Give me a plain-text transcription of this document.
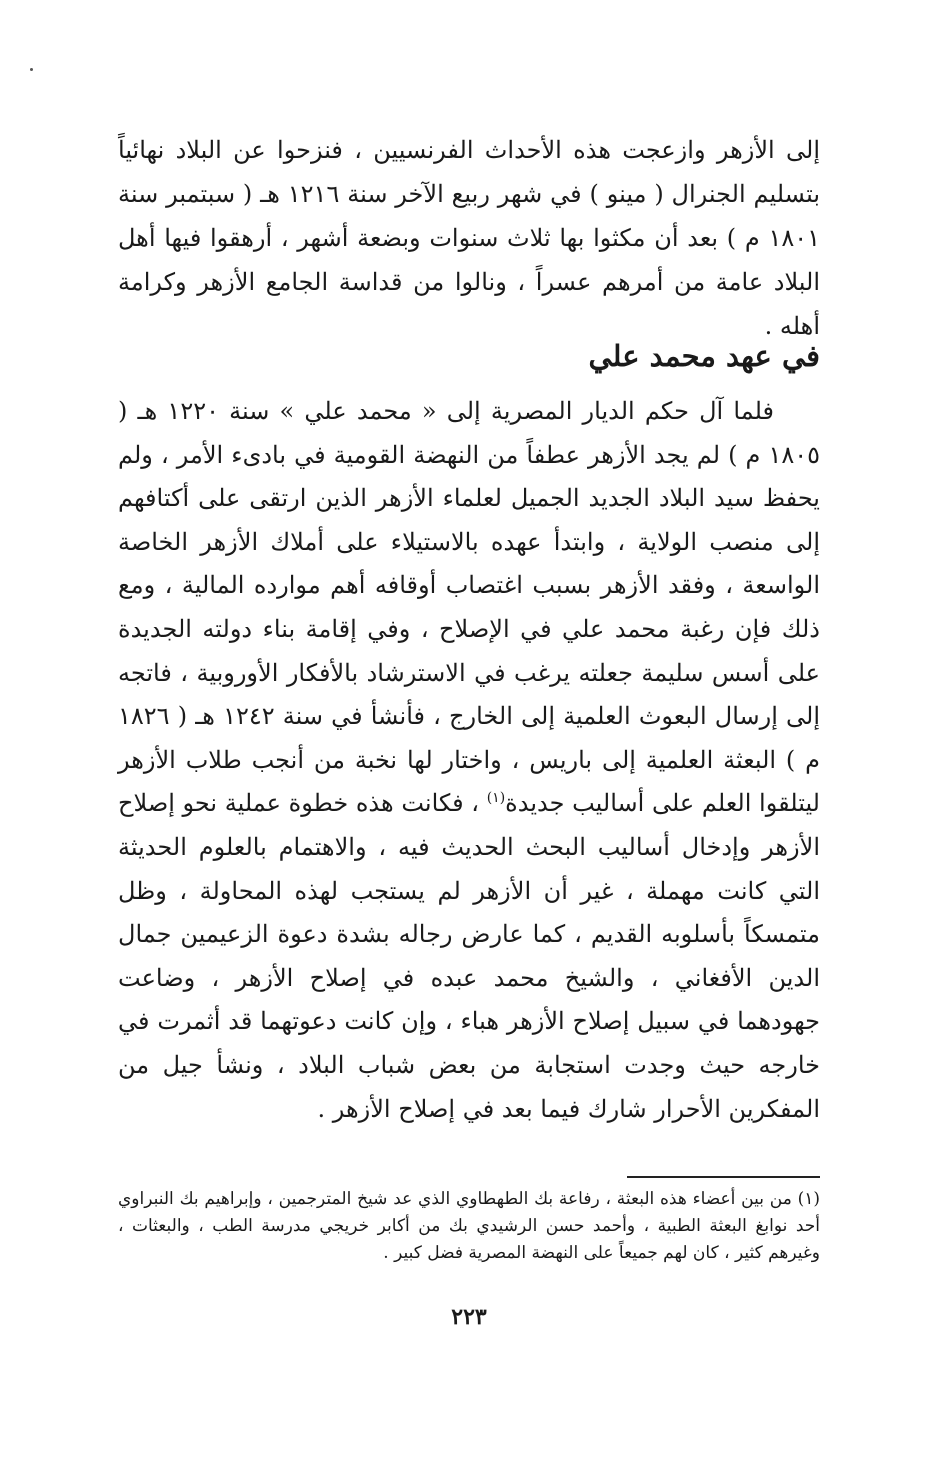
إلى الأزهر وازعجت هذه الأحداث الفرنسيين ، فنزحوا عن البلاد نهائياً بتسليم الجنرال ( مينو ) في شهر ربيع الآخر سنة ١٢١٦ هـ ( سبتمبر سنة ١٨٠١ م ) بعد أن مكثوا بها ثلاث سنوات وبضعة أشهر ، أرهقوا فيها أهل البلاد عامة من أمرهم عسراً ، ونالوا من قداسة الجامع الأزهر وكرامة أهله .

في عهد محمد علي

فلما آل حكم الديار المصرية إلى « محمد علي » سنة ١٢٢٠ هـ ( ١٨٠٥ م ) لم يجد الأزهر عطفاً من النهضة القومية في بادىء الأمر ، ولم يحفظ سيد البلاد الجديد الجميل لعلماء الأزهر الذين ارتقى على أكتافهم إلى منصب الولاية ، وابتدأ عهده بالاستيلاء على أملاك الأزهر الخاصة الواسعة ، وفقد الأزهر بسبب اغتصاب أوقافه أهم موارده المالية ، ومع ذلك فإن رغبة محمد علي في الإصلاح ، وفي إقامة بناء دولته الجديدة على أسس سليمة جعلته يرغب في الاسترشاد بالأفكار الأوروبية ، فاتجه إلى إرسال البعوث العلمية إلى الخارج ، فأنشأ في سنة ١٢٤٢ هـ ( ١٨٢٦ م ) البعثة العلمية إلى باريس ، واختار لها نخبة من أنجب طلاب الأزهر ليتلقوا العلم على أساليب جديدة$^{(١)}$ ، فكانت هذه خطوة عملية نحو إصلاح الأزهر وإدخال أساليب البحث الحديث فيه ، والاهتمام بالعلوم الحديثة التي كانت مهملة ، غير أن الأزهر لم يستجب لهذه المحاولة ، وظل متمسكاً بأسلوبه القديم ، كما عارض رجاله بشدة دعوة الزعيمين جمال الدين الأفغاني ، والشيخ محمد عبده في إصلاح الأزهر ، وضاعت جهودهما في سبيل إصلاح الأزهر هباء ، وإن كانت دعوتهما قد أثمرت في خارجه حيث وجدت استجابة من بعض شباب البلاد ، ونشأ جيل من المفكرين الأحرار شارك فيما بعد في إصلاح الأزهر .

(١) من بين أعضاء هذه البعثة ، رفاعة بك الطهطاوي الذي عد شيخ المترجمين ، وإبراهيم بك النبراوي أحد نوابغ البعثة الطبية ، وأحمد حسن الرشيدي بك من أكابر خريجي مدرسة الطب ، والبعثات ، وغيرهم كثير ، كان لهم جميعاً على النهضة المصرية فضل كبير .

٢٢٣
